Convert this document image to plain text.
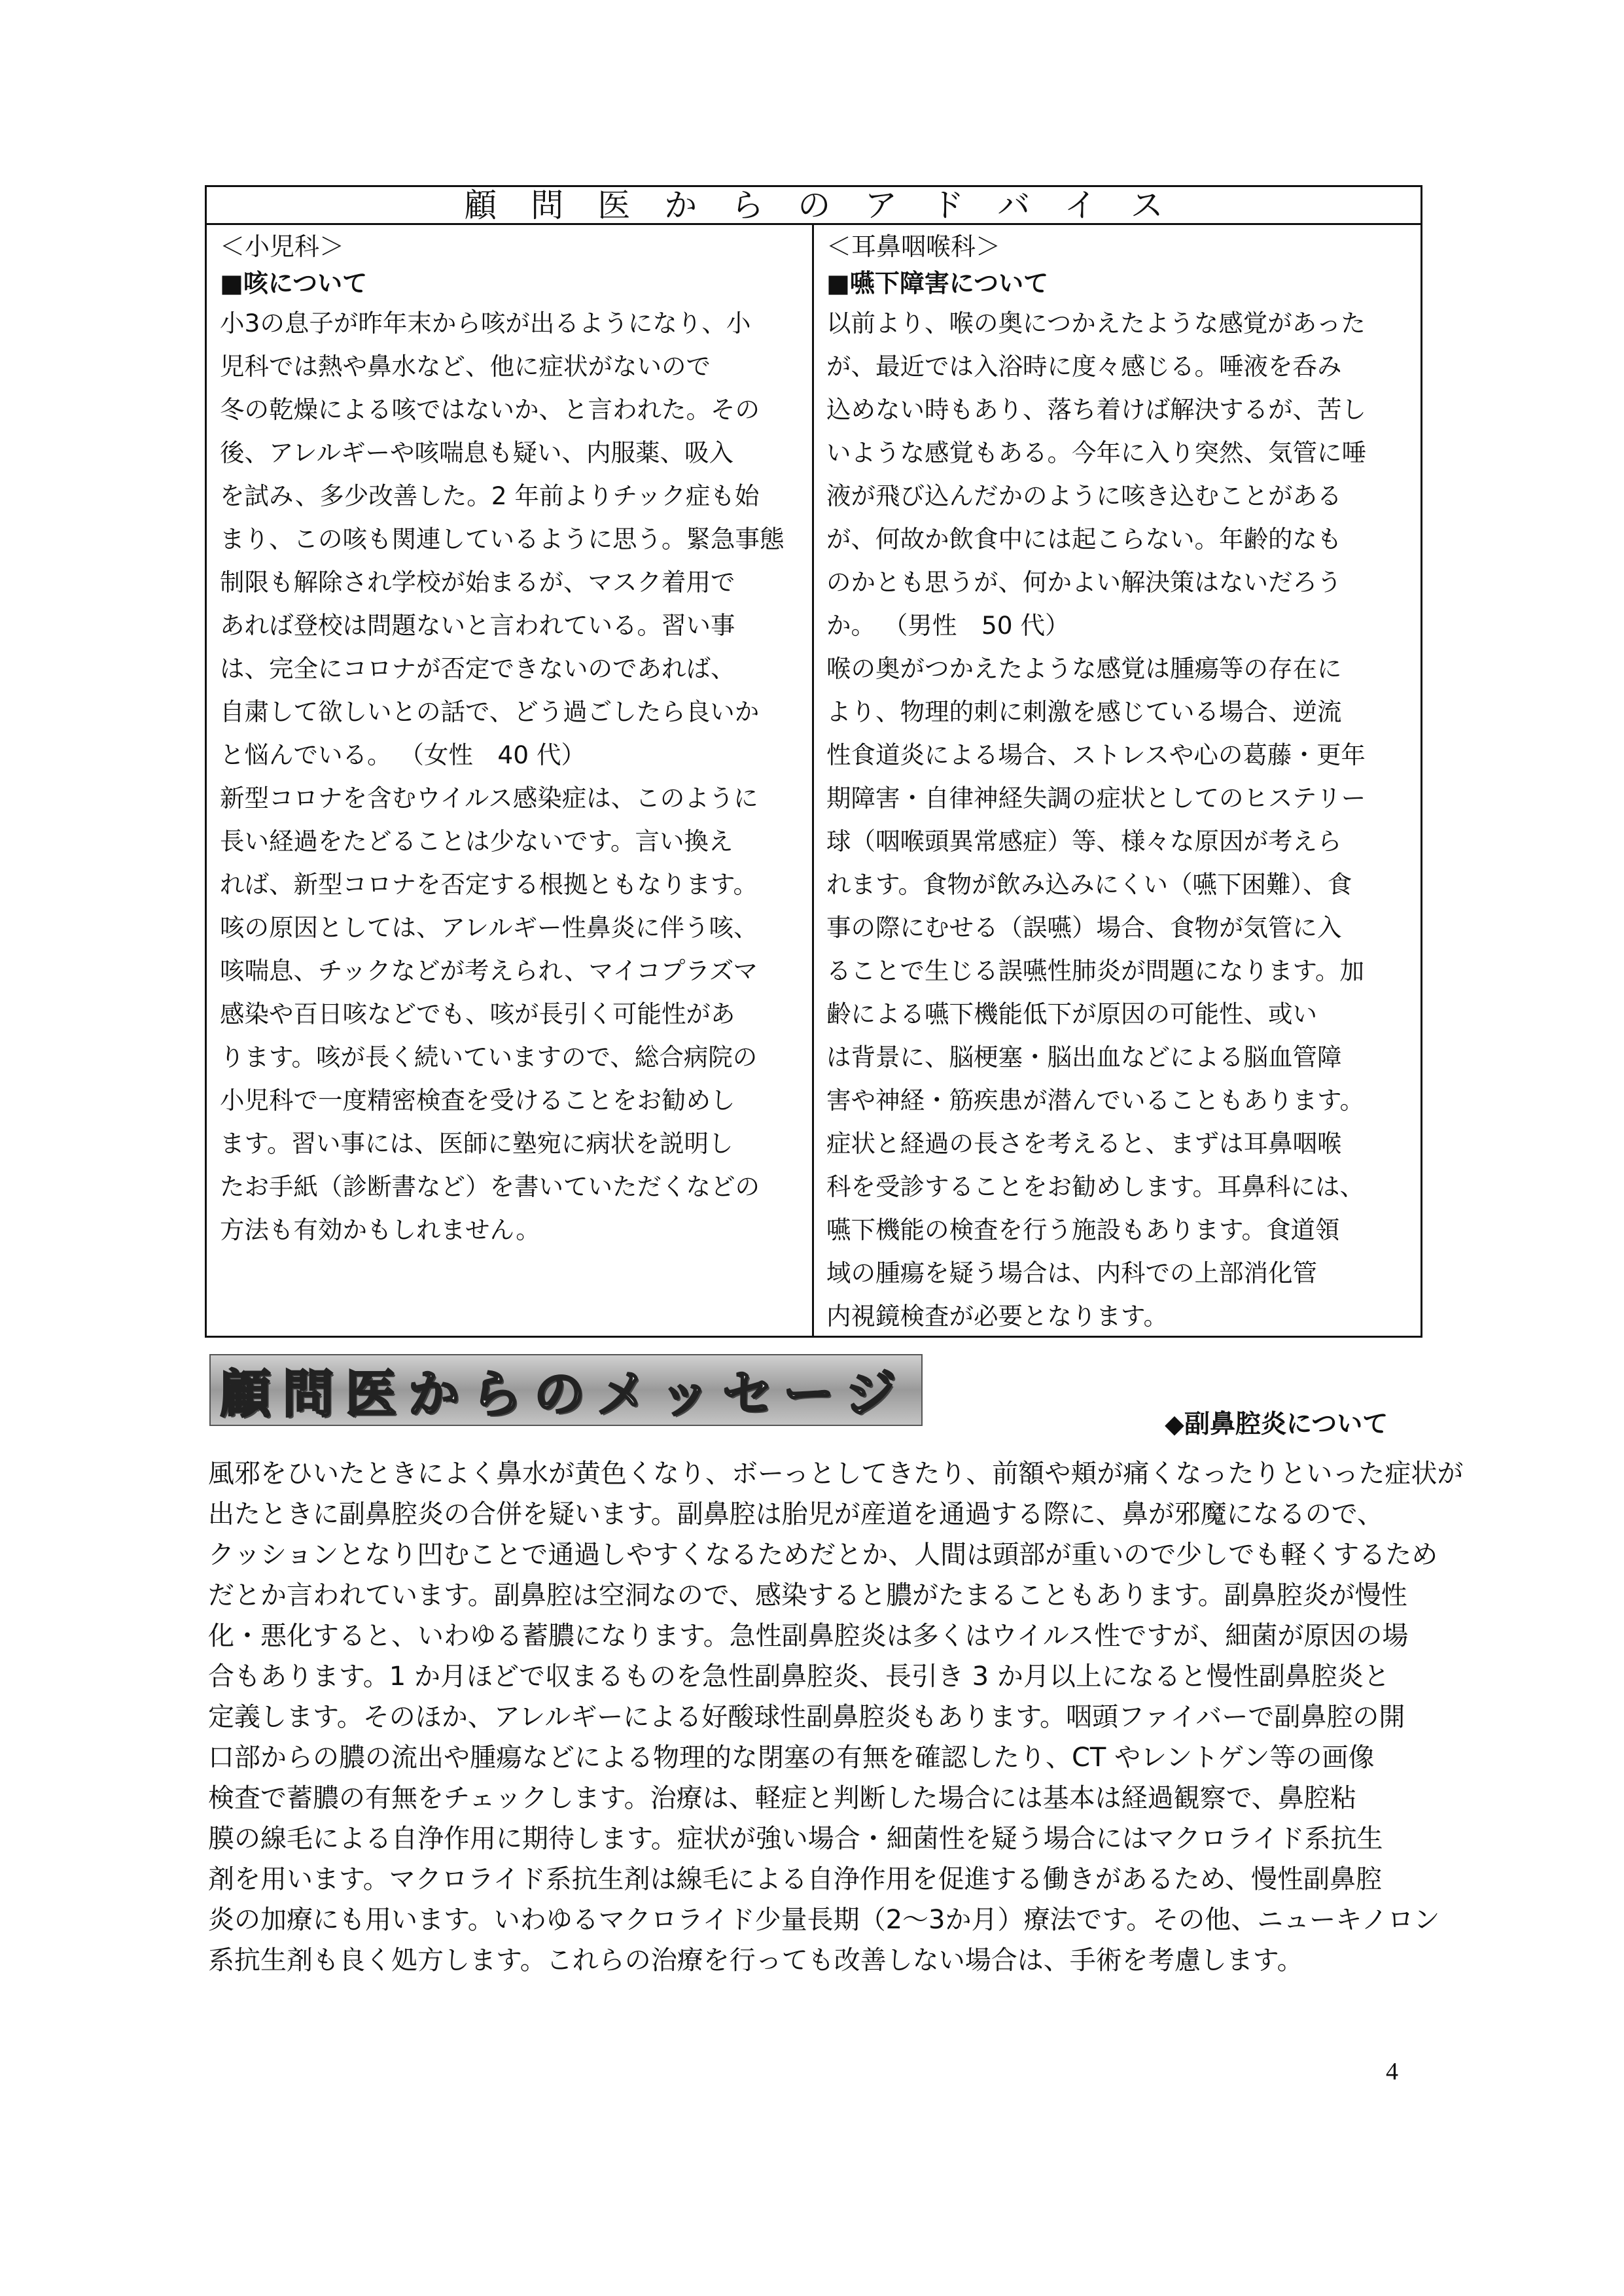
顧問医からのアドバイス
＜小児科＞
■咳について
小3の息子が昨年末から咳が出るようになり、小
児科では熱や鼻水など、他に症状がないので
冬の乾燥による咳ではないか、と言われた。その
後、アレルギーや咳喘息も疑い、内服薬、吸入
を試み、多少改善した。2 年前よりチック症も始
まり、この咳も関連しているように思う。緊急事態
制限も解除され学校が始まるが、マスク着用で
あれば登校は問題ないと言われている。習い事
は、完全にコロナが否定できないのであれば、
自粛して欲しいとの話で、どう過ごしたら良いか
と悩んでいる。 （女性　40 代）
新型コロナを含むウイルス感染症は、このように
長い経過をたどることは少ないです。言い換え
れば、新型コロナを否定する根拠ともなります。
咳の原因としては、アレルギー性鼻炎に伴う咳、
咳喘息、チックなどが考えられ、マイコプラズマ
感染や百日咳などでも、咳が長引く可能性があ
ります。咳が長く続いていますので、総合病院の
小児科で一度精密検査を受けることをお勧めし
ます。習い事には、医師に塾宛に病状を説明し
たお手紙（診断書など）を書いていただくなどの
方法も有効かもしれません。
＜耳鼻咽喉科＞
■嚥下障害について
以前より、喉の奥につかえたような感覚があった
が、最近では入浴時に度々感じる。唾液を呑み
込めない時もあり、落ち着けば解決するが、苦し
いような感覚もある。今年に入り突然、気管に唾
液が飛び込んだかのように咳き込むことがある
が、何故か飲食中には起こらない。年齢的なも
のかとも思うが、何かよい解決策はないだろう
か。 （男性　50 代）
喉の奥がつかえたような感覚は腫瘍等の存在に
より、物理的刺に刺激を感じている場合、逆流
性食道炎による場合、ストレスや心の葛藤・更年
期障害・自律神経失調の症状としてのヒステリー
球（咽喉頭異常感症）等、様々な原因が考えら
れます。食物が飲み込みにくい（嚥下困難）、食
事の際にむせる（誤嚥）場合、食物が気管に入
ることで生じる誤嚥性肺炎が問題になります。加
齢による嚥下機能低下が原因の可能性、或い
は背景に、脳梗塞・脳出血などによる脳血管障
害や神経・筋疾患が潜んでいることもあります。
症状と経過の長さを考えると、まずは耳鼻咽喉
科を受診することをお勧めします。耳鼻科には、
嚥下機能の検査を行う施設もあります。食道領
域の腫瘍を疑う場合は、内科での上部消化管
内視鏡検査が必要となります。
顧問医からのメッセージ
◆副鼻腔炎について
風邪をひいたときによく鼻水が黄色くなり、ボーっとしてきたり、前額や頬が痛くなったりといった症状が
出たときに副鼻腔炎の合併を疑います。副鼻腔は胎児が産道を通過する際に、鼻が邪魔になるので、
クッションとなり凹むことで通過しやすくなるためだとか、人間は頭部が重いので少しでも軽くするため
だとか言われています。副鼻腔は空洞なので、感染すると膿がたまることもあります。副鼻腔炎が慢性
化・悪化すると、いわゆる蓄膿になります。急性副鼻腔炎は多くはウイルス性ですが、細菌が原因の場
合もあります。1 か月ほどで収まるものを急性副鼻腔炎、長引き 3 か月以上になると慢性副鼻腔炎と
定義します。そのほか、アレルギーによる好酸球性副鼻腔炎もあります。咽頭ファイバーで副鼻腔の開
口部からの膿の流出や腫瘍などによる物理的な閉塞の有無を確認したり、CT やレントゲン等の画像
検査で蓄膿の有無をチェックします。治療は、軽症と判断した場合には基本は経過観察で、鼻腔粘
膜の線毛による自浄作用に期待します。症状が強い場合・細菌性を疑う場合にはマクロライド系抗生
剤を用います。マクロライド系抗生剤は線毛による自浄作用を促進する働きがあるため、慢性副鼻腔
炎の加療にも用います。いわゆるマクロライド少量長期（2～3か月）療法です。その他、ニューキノロン
系抗生剤も良く処方します。これらの治療を行っても改善しない場合は、手術を考慮します。
4
